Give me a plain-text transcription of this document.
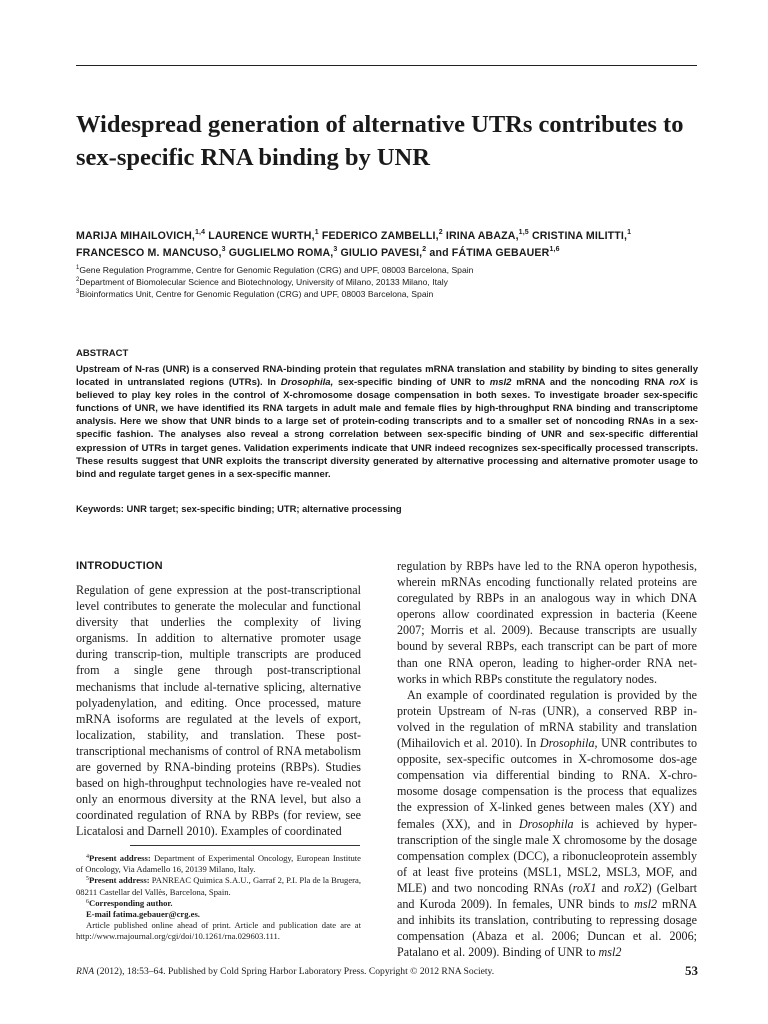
Widespread generation of alternative UTRs contributes to sex-specific RNA binding by UNR
MARIJA MIHAILOVICH,$^{1,4}$ LAURENCE WURTH,$^1$ FEDERICO ZAMBELLI,$^2$ IRINA ABAZA,$^{1,5}$ CRISTINA MILITTI,$^1$
FRANCESCO M. MANCUSO,$^3$ GUGLIELMO ROMA,$^3$ GIULIO PAVESI,$^2$ and FÁTIMA GEBAUER$^{1,6}$
$^1$Gene Regulation Programme, Centre for Genomic Regulation (CRG) and UPF, 08003 Barcelona, Spain
$^2$Department of Biomolecular Science and Biotechnology, University of Milano, 20133 Milano, Italy
$^3$Bioinformatics Unit, Centre for Genomic Regulation (CRG) and UPF, 08003 Barcelona, Spain
ABSTRACT

Upstream of N-ras (UNR) is a conserved RNA-binding protein that regulates mRNA translation and stability by binding to sites generally located in untranslated regions (UTRs). In Drosophila, sex-specific binding of UNR to msl2 mRNA and the noncoding RNA roX is believed to play key roles in the control of X-chromosome dosage compensation in both sexes. To investigate broader sex-specific functions of UNR, we have identified its RNA targets in adult male and female flies by high-throughput RNA binding and transcriptome analysis. Here we show that UNR binds to a large set of protein-coding transcripts and to a smaller set of noncoding RNAs in a sex-specific fashion. The analyses also reveal a strong correlation between sex-specific binding of UNR and sex-specific differential expression of UTRs in target genes. Validation experiments indicate that UNR indeed recognizes sex-specifically processed transcripts. These results suggest that UNR exploits the transcript diversity generated by alternative processing and alternative promoter usage to bind and regulate target genes in a sex-specific manner.

Keywords: UNR target; sex-specific binding; UTR; alternative processing
INTRODUCTION

Regulation of gene expression at the post-transcriptional level contributes to generate the molecular and functional diversity that underlies the complexity of living organisms. In addition to alternative promoter usage during transcrip-tion, multiple transcripts are produced from a single gene through post-transcriptional mechanisms that include al-ternative splicing, alternative polyadenylation, and editing. Once processed, mature mRNA isoforms are regulated at the levels of export, localization, stability, and translation. These post-transcriptional mechanisms of control of RNA metabolism are governed by RNA-binding proteins (RBPs). Studies based on high-throughput technologies have re-vealed not only an enormous diversity at the RNA level, but also a coordinated regulation of RNA by RBPs (for review, see Licatalosi and Darnell 2010). Examples of coordinated

regulation by RBPs have led to the RNA operon hypothesis, wherein mRNAs encoding functionally related proteins are coregulated by RBPs in an analogous way in which DNA operons allow coordinated expression in bacteria (Keene 2007; Morris et al. 2009). Because transcripts are usually bound by several RBPs, each transcript can be part of more than one RNA operon, leading to higher-order RNA net-works in which RBPs constitute the regulatory nodes.

An example of coordinated regulation is provided by the protein Upstream of N-ras (UNR), a conserved RBP in-volved in the regulation of mRNA stability and translation (Mihailovich et al. 2010). In Drosophila, UNR contributes to opposite, sex-specific outcomes in X-chromosome dos-age compensation via differential binding to RNA. X-chro-mosome dosage compensation is the process that equalizes the expression of X-linked genes between males (XY) and females (XX), and in Drosophila is achieved by hyper-transcription of the single male X chromosome by the dosage compensation complex (DCC), a ribonucleoprotein assembly of at least five proteins (MSL1, MSL2, MSL3, MOF, and MLE) and two noncoding RNAs (roX1 and roX2) (Gelbart and Kuroda 2009). In females, UNR binds to msl2 mRNA and inhibits its translation, contributing to repressing dosage compensation (Abaza et al. 2006; Duncan et al. 2006; Patalano et al. 2009). Binding of UNR to msl2

$^4$Present address: Department of Experimental Oncology, European Institute of Oncology, Via Adamello 16, 20139 Milano, Italy.

$^5$Present address: PANREAC Quimica S.A.U., Garraf 2, P.I. Pla de la Brugera, 08211 Castellar del Vallès, Barcelona, Spain.

$^6$Corresponding author.

E-mail fatima.gebauer@crg.es.

Article published online ahead of print. Article and publication date are at http://www.rnajournal.org/cgi/doi/10.1261/rna.029603.111.

RNA (2012), 18:53–64. Published by Cold Spring Harbor Laboratory Press. Copyright © 2012 RNA Society.	53
